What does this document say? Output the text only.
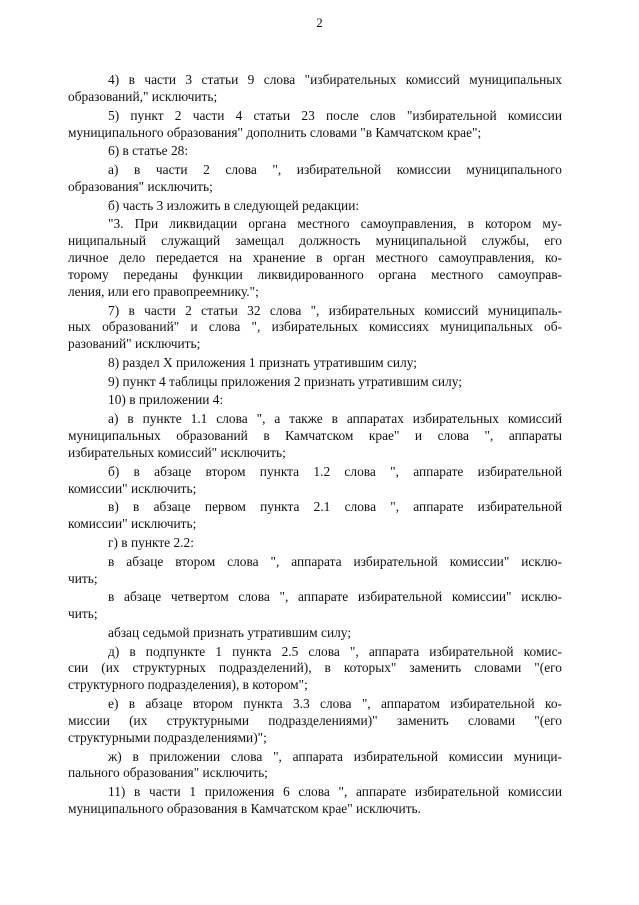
2
4) в части 3 статьи 9 слова "избирательных комиссий муниципальных
образований," исключить;
5) пункт 2 части 4 статьи 23 после слов "избирательной комиссии
муниципального образования" дополнить словами "в Камчатском крае";
6) в статье 28:
а) в части 2 слова ", избирательной комиссии муниципального
образования" исключить;
б) часть 3 изложить в следующей редакции:
"3. При ликвидации органа местного самоуправления, в котором му-
ниципальный служащий замещал должность муниципальной службы, его
личное дело передается на хранение в орган местного самоуправления, ко-
торому переданы функции ликвидированного органа местного самоуправ-
ления, или его правопреемнику.";
7) в части 2 статьи 32 слова ", избирательных комиссий муниципаль-
ных образований" и слова ", избирательных комиссиях муниципальных об-
разований" исключить;
8) раздел X приложения 1 признать утратившим силу;
9) пункт 4 таблицы приложения 2 признать утратившим силу;
10) в приложении 4:
а) в пункте 1.1 слова ", а также в аппаратах избирательных комиссий
муниципальных образований в Камчатском крае" и слова ", аппараты
избирательных комиссий" исключить;
б) в абзаце втором пункта 1.2 слова ", аппарате избирательной
комиссии" исключить;
в) в абзаце первом пункта 2.1 слова ", аппарате избирательной
комиссии" исключить;
г) в пункте 2.2:
в абзаце втором слова ", аппарата избирательной комиссии" исклю-
чить;
в абзаце четвертом слова ", аппарате избирательной комиссии" исклю-
чить;
абзац седьмой признать утратившим силу;
д) в подпункте 1 пункта 2.5 слова ", аппарата избирательной комис-
сии (их структурных подразделений), в которых" заменить словами "(его
структурного подразделения), в котором";
е) в абзаце втором пункта 3.3 слова ", аппаратом избирательной ко-
миссии (их структурными подразделениями)" заменить словами "(его
структурными подразделениями)";
ж) в приложении слова ", аппарата избирательной комиссии муници-
пального образования" исключить;
11) в части 1 приложения 6 слова ", аппарате избирательной комиссии
муниципального образования в Камчатском крае" исключить.
